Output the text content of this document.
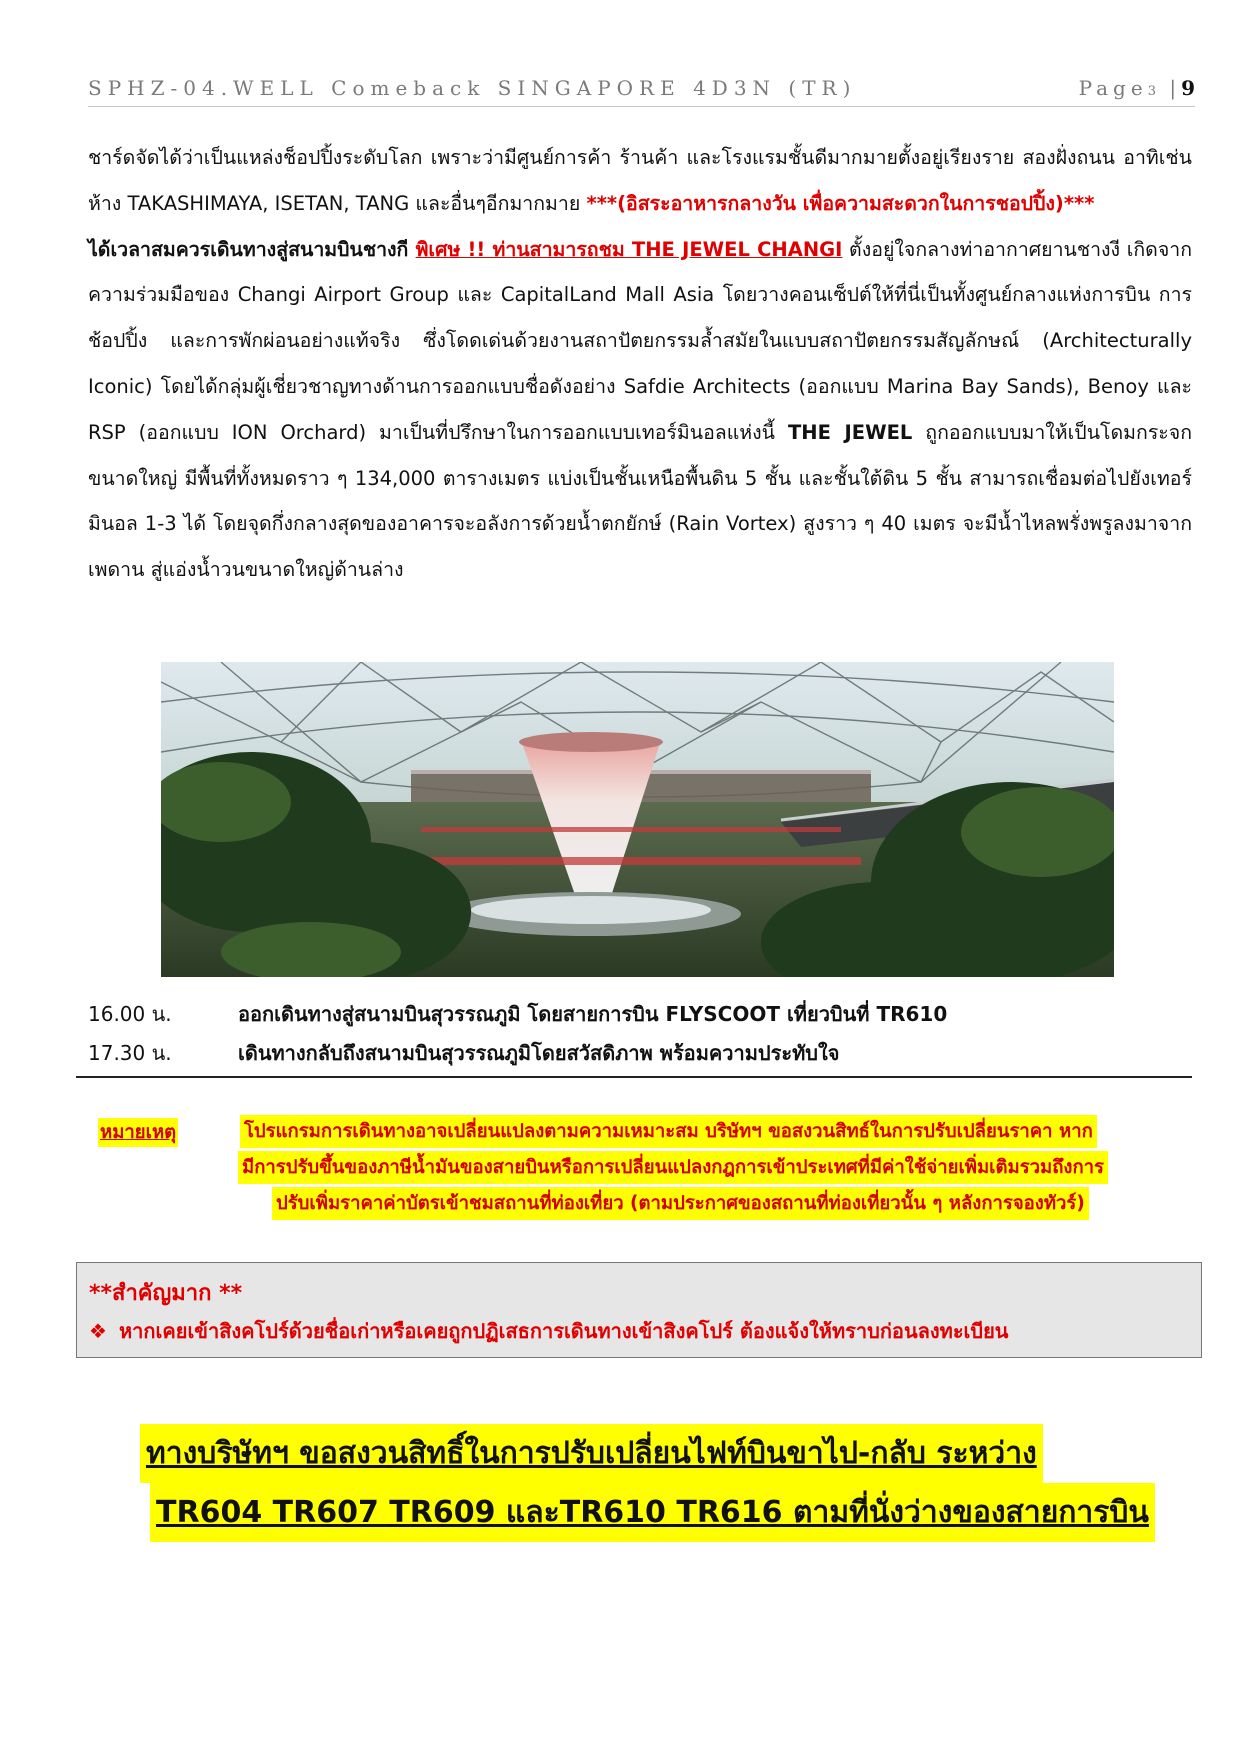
SPHZ-04.WELL Comeback SINGAPORE 4D3N (TR)	Page3 |9

ชาร์ดจัดได้ว่าเป็นแหล่งช็อปปิ้งระดับโลก เพราะว่ามีศูนย์การค้า ร้านค้า และโรงแรมชั้นดีมากมายตั้งอยู่เรียงราย สองฝั่งถนน อาทิเช่น ห้าง TAKASHIMAYA, ISETAN, TANG และอื่นๆอีกมากมาย ***(อิสระอาหารกลางวัน เพื่อความสะดวกในการชอปปิ้ง)***

ได้เวลาสมควรเดินทางสู่สนามบินชางกี พิเศษ !! ท่านสามารถชม THE JEWEL CHANGI ตั้งอยู่ใจกลางท่าอากาศยานชางงี เกิดจากความร่วมมือของ Changi Airport Group และ CapitalLand Mall Asia โดยวางคอนเซ็ปต์ให้ที่นี่เป็นทั้งศูนย์กลางแห่งการบิน การช้อปปิ้ง และการพักผ่อนอย่างแท้จริง ซึ่งโดดเด่นด้วยงานสถาปัตยกรรมล้ำสมัยในแบบสถาปัตยกรรมสัญลักษณ์ (Architecturally Iconic) โดยได้กลุ่มผู้เชี่ยวชาญทางด้านการออกแบบชื่อดังอย่าง Safdie Architects (ออกแบบ Marina Bay Sands), Benoy และ RSP (ออกแบบ ION Orchard) มาเป็นที่ปรึกษาในการออกแบบเทอร์มินอลแห่งนี้ THE JEWEL ถูกออกแบบมาให้เป็นโดมกระจกขนาดใหญ่ มีพื้นที่ทั้งหมดราว ๆ 134,000 ตารางเมตร แบ่งเป็นชั้นเหนือพื้นดิน 5 ชั้น และชั้นใต้ดิน 5 ชั้น สามารถเชื่อมต่อไปยังเทอร์มินอล 1-3 ได้ โดยจุดกึ่งกลางสุดของอาคารจะอลังการด้วยน้ำตกยักษ์ (Rain Vortex) สูงราว ๆ 40 เมตร จะมีน้ำไหลพรั่งพรูลงมาจากเพดาน สู่แอ่งน้ำวนขนาดใหญ่ด้านล่าง

16.00 น.	ออกเดินทางสู่สนามบินสุวรรณภูมิ โดยสายการบิน FLYSCOOT เที่ยวบินที่ TR610
17.30 น.	เดินทางกลับถึงสนามบินสุวรรณภูมิโดยสวัสดิภาพ พร้อมความประทับใจ
หมายเหตุ	โปรแกรมการเดินทางอาจเปลี่ยนแปลงตามความเหมาะสม บริษัทฯ ขอสงวนสิทธ์ในการปรับเปลี่ยนราคา หาก
มีการปรับขึ้นของภาษีน้ำมันของสายบินหรือการเปลี่ยนแปลงกฎการเข้าประเทศที่มีค่าใช้จ่ายเพิ่มเติมรวมถึงการ
ปรับเพิ่มราคาค่าบัตรเข้าชมสถานที่ท่องเที่ยว (ตามประกาศของสถานที่ท่องเที่ยวนั้น ๆ หลังการจองทัวร์)
**สำคัญมาก **
❖ หากเคยเข้าสิงคโปร์ด้วยชื่อเก่าหรือเคยถูกปฏิเสธการเดินทางเข้าสิงคโปร์ ต้องแจ้งให้ทราบก่อนลงทะเบียน
ทางบริษัทฯ ขอสงวนสิทธิ์ในการปรับเปลี่ยนไฟท์บินขาไป-กลับ ระหว่าง
TR604 TR607 TR609 และTR610 TR616 ตามที่นั่งว่างของสายการบิน
